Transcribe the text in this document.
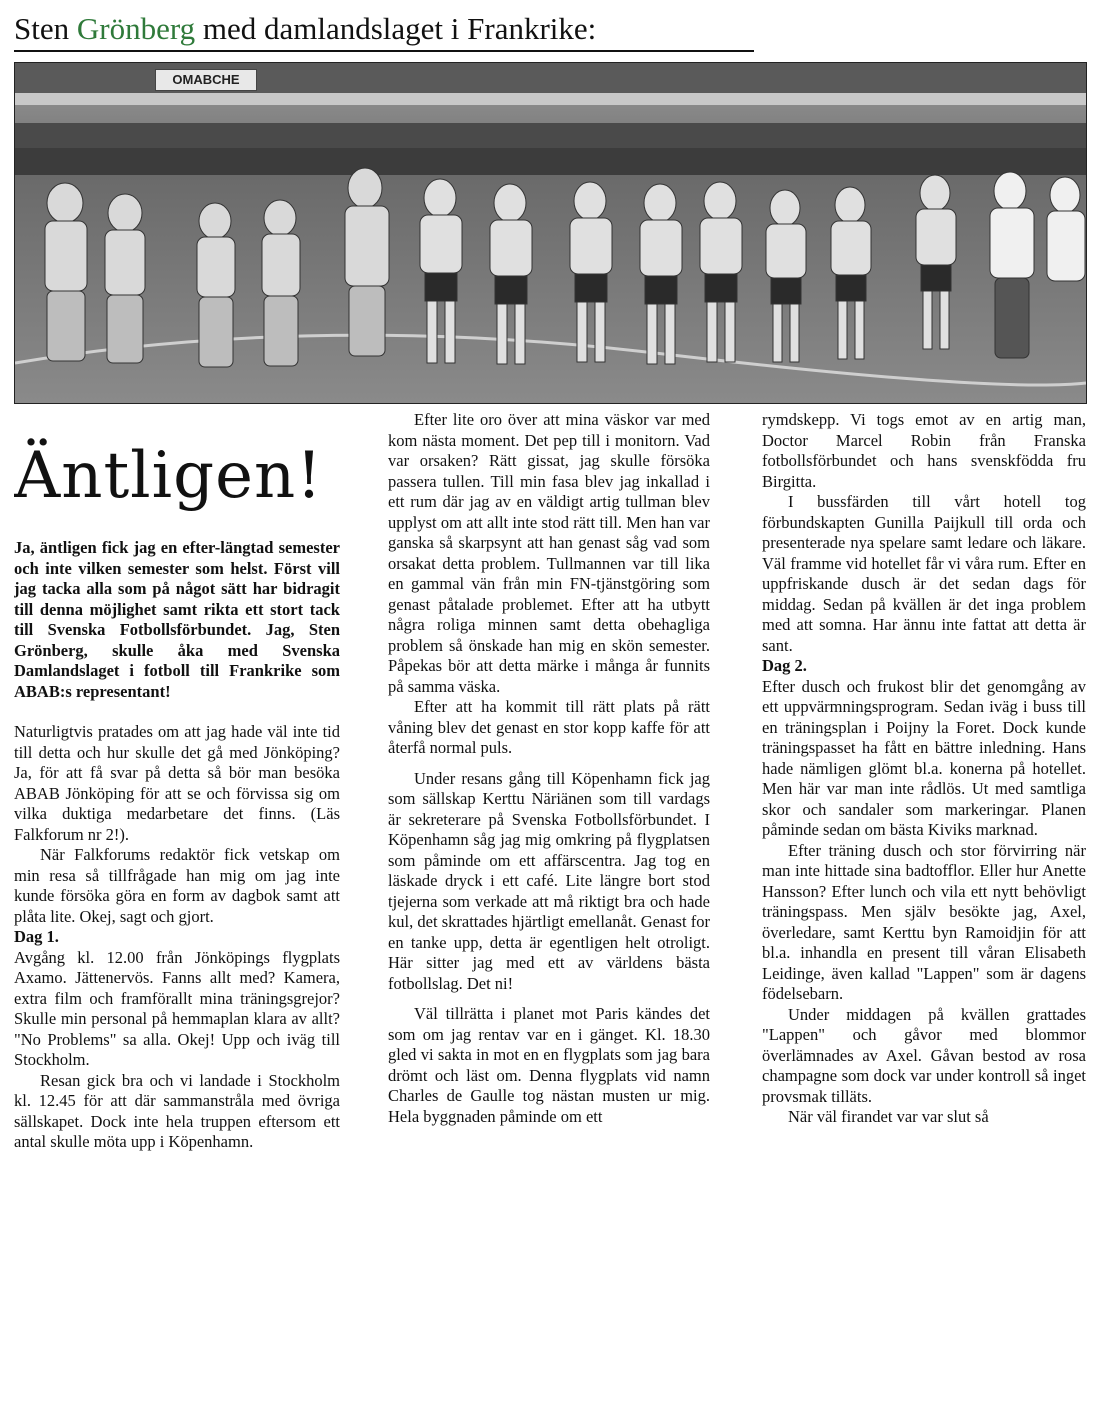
Sten Grönberg med damlandslaget i Frankrike:
OMABCHE
Äntligen!

Ja, äntligen fick jag en efter-längtad semester och inte vilken semester som helst. Först vill jag tacka alla som på något sätt har bidragit till denna möjlighet samt rikta ett stort tack till Svenska Fotbollsförbundet. Jag, Sten Grönberg, skulle åka med Svenska Damlandslaget i fotboll till Frankrike som ABAB:s representant!

Naturligtvis pratades om att jag hade väl inte tid till detta och hur skulle det gå med Jönköping? Ja, för att få svar på detta så bör man besöka ABAB Jönköping för att se och förvissa sig om vilka duktiga medarbetare det finns. (Läs Falkforum nr 2!).

När Falkforums redaktör fick vetskap om min resa så tillfrågade han mig om jag inte kunde försöka göra en form av dagbok samt att plåta lite. Okej, sagt och gjort.

Dag 1.

Avgång kl. 12.00 från Jönköpings flygplats Axamo. Jättenervös. Fanns allt med? Kamera, extra film och framförallt mina träningsgrejor? Skulle min personal på hemmaplan klara av allt? "No Problems" sa alla. Okej! Upp och iväg till Stockholm.

Resan gick bra och vi landade i Stockholm kl. 12.45 för att där sammanstråla med övriga sällskapet. Dock inte hela truppen eftersom ett antal skulle möta upp i Köpenhamn.

Efter lite oro över att mina väskor var med kom nästa moment. Det pep till i monitorn. Vad var orsaken? Rätt gissat, jag skulle försöka passera tullen. Till min fasa blev jag inkallad i ett rum där jag av en väldigt artig tullman blev upplyst om att allt inte stod rätt till. Men han var ganska så skarpsynt att han genast såg vad som orsakat detta problem. Tullmannen var till lika en gammal vän från min FN-tjänstgöring som genast påtalade problemet. Efter att ha utbytt några roliga minnen samt detta obehagliga problem så önskade han mig en skön semester. Påpekas bör att detta märke i många år funnits på samma väska.

Efter att ha kommit till rätt plats på rätt våning blev det genast en stor kopp kaffe för att återfå normal puls.

Under resans gång till Köpenhamn fick jag som sällskap Kerttu Näriänen som till vardags är sekreterare på Svenska Fotbollsförbundet. I Köpenhamn såg jag mig omkring på flygplatsen som påminde om ett affärscentra. Jag tog en läskade dryck i ett café. Lite längre bort stod tjejerna som verkade att må riktigt bra och hade kul, det skrattades hjärtligt emellanåt. Genast for en tanke upp, detta är egentligen helt otroligt. Här sitter jag med ett av världens bästa fotbollslag. Det ni!

Väl tillrätta i planet mot Paris kändes det som om jag rentav var en i gänget. Kl. 18.30 gled vi sakta in mot en en flygplats som jag bara drömt och läst om. Denna flygplats vid namn Charles de Gaulle tog nästan musten ur mig. Hela byggnaden påminde om ett

rymdskepp. Vi togs emot av en artig man, Doctor Marcel Robin från Franska fotbollsförbundet och hans svenskfödda fru Birgitta.

I bussfärden till vårt hotell tog förbundskapten Gunilla Paijkull till orda och presenterade nya spelare samt ledare och läkare. Väl framme vid hotellet får vi våra rum. Efter en uppfriskande dusch är det sedan dags för middag. Sedan på kvällen är det inga problem med att somna. Har ännu inte fattat att detta är sant.

Dag 2.

Efter dusch och frukost blir det genomgång av ett uppvärmningsprogram. Sedan iväg i buss till en träningsplan i Poijny la Foret. Dock kunde träningspasset ha fått en bättre inledning. Hans hade nämligen glömt bl.a. konerna på hotellet. Men här var man inte rådlös. Ut med samtliga skor och sandaler som markeringar. Planen påminde sedan om bästa Kiviks marknad.

Efter träning dusch och stor förvirring när man inte hittade sina badtofflor. Eller hur Anette Hansson? Efter lunch och vila ett nytt behövligt träningspass. Men själv besökte jag, Axel, överledare, samt Kerttu byn Ramoidjin för att bl.a. inhandla en present till våran Elisabeth Leidinge, även kallad "Lappen" som är dagens födelsebarn.

Under middagen på kvällen grattades "Lappen" och gåvor med blommor överlämnades av Axel. Gåvan bestod av rosa champagne som dock var under kontroll så inget provsmak tilläts.

När väl firandet var var slut så
